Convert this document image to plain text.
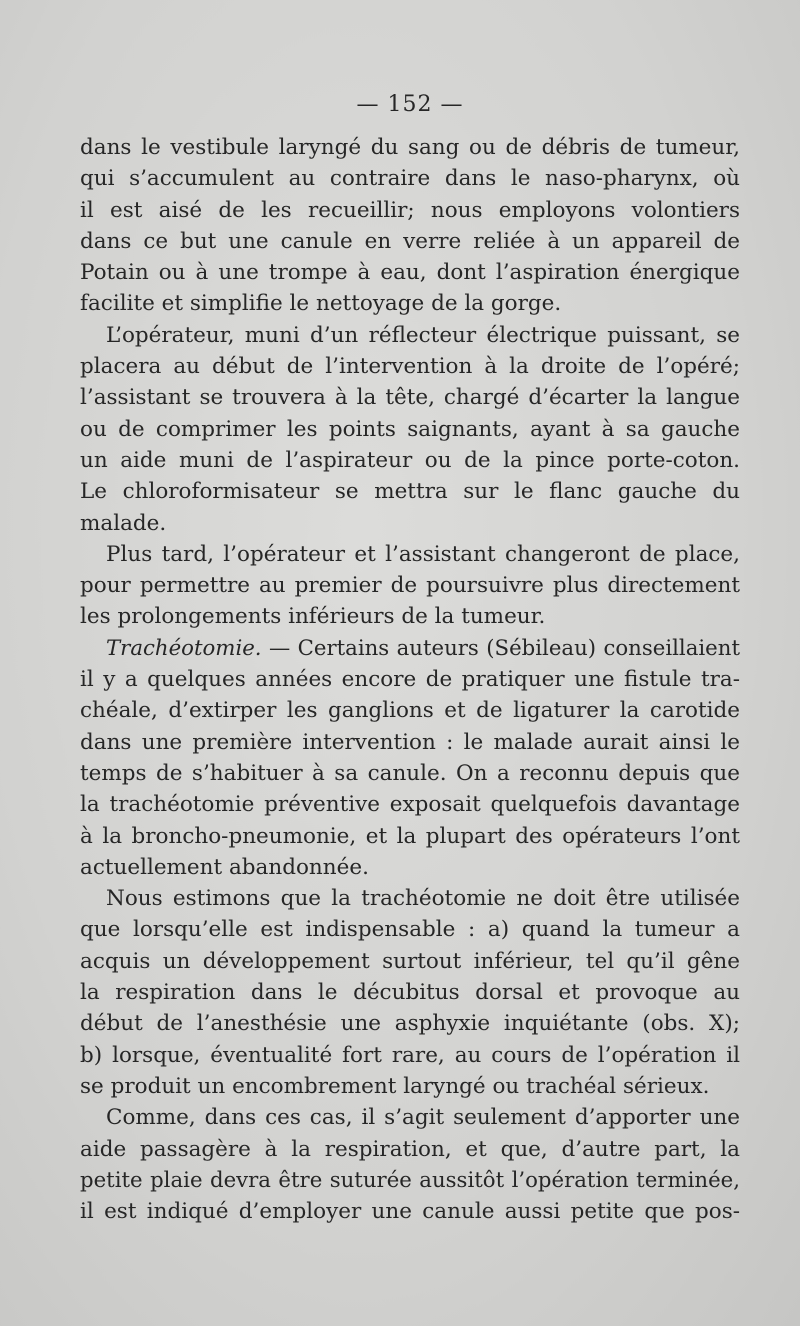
— 152 —
dans le vestibule laryngé du sang ou de débris de tumeur,
qui s’accumulent au contraire dans le naso-pharynx, où
il est aisé de les recueillir; nous employons volontiers
dans ce but une canule en verre reliée à un appareil de
Potain ou à une trompe à eau, dont l’aspiration énergique
facilite et simplifie le nettoyage de la gorge.
L’opérateur, muni d’un réflecteur électrique puissant, se
placera au début de l’intervention à la droite de l’opéré;
l’assistant se trouvera à la tête, chargé d’écarter la langue
ou de comprimer les points saignants, ayant à sa gauche
un aide muni de l’aspirateur ou de la pince porte-coton.
Le chloroformisateur se mettra sur le flanc gauche du
malade.
Plus tard, l’opérateur et l’assistant changeront de place,
pour permettre au premier de poursuivre plus directement
les prolongements inférieurs de la tumeur.
Trachéotomie. — Certains auteurs (Sébileau) conseillaient
il y a quelques années encore de pratiquer une fistule tra-
chéale, d’extirper les ganglions et de ligaturer la carotide
dans une première intervention : le malade aurait ainsi le
temps de s’habituer à sa canule. On a reconnu depuis que
la trachéotomie préventive exposait quelquefois davantage
à la broncho-pneumonie, et la plupart des opérateurs l’ont
actuellement abandonnée.
Nous estimons que la trachéotomie ne doit être utilisée
que lorsqu’elle est indispensable : a) quand la tumeur a
acquis un développement surtout inférieur, tel qu’il gêne
la respiration dans le décubitus dorsal et provoque au
début de l’anesthésie une asphyxie inquiétante (obs. X);
b) lorsque, éventualité fort rare, au cours de l’opération il
se produit un encombrement laryngé ou trachéal sérieux.
Comme, dans ces cas, il s’agit seulement d’apporter une
aide passagère à la respiration, et que, d’autre part, la
petite plaie devra être suturée aussitôt l’opération terminée,
il est indiqué d’employer une canule aussi petite que pos-
